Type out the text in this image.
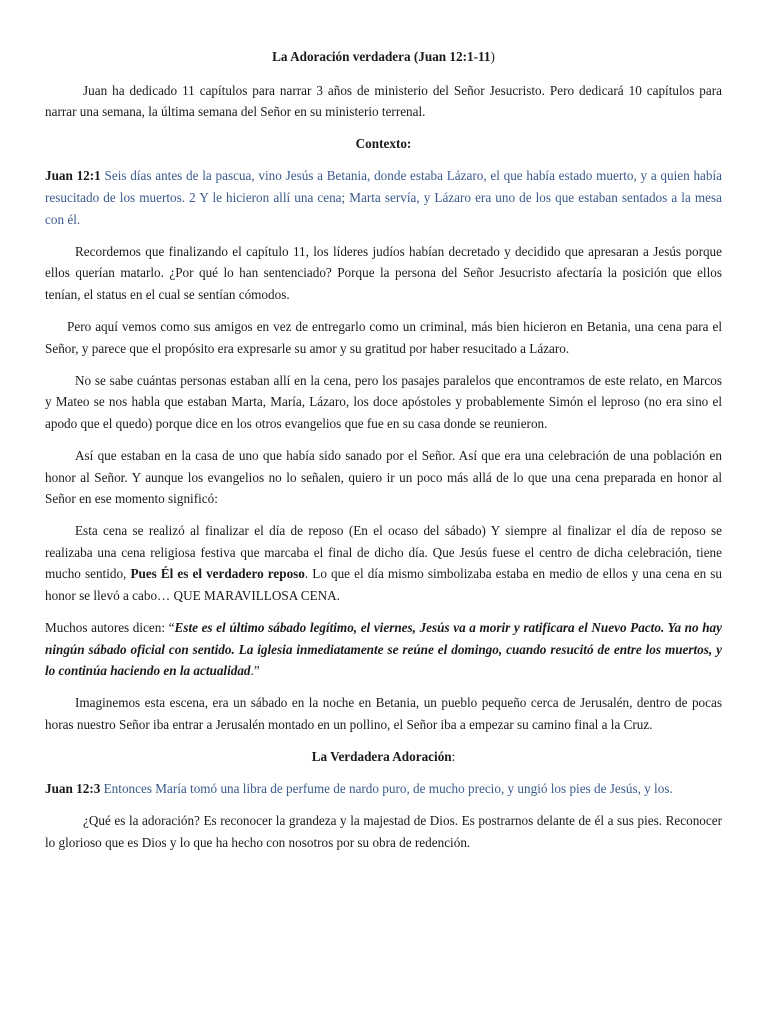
La Adoración verdadera (Juan 12:1-11)

Juan ha dedicado 11 capítulos para narrar 3 años de ministerio del Señor Jesucristo. Pero dedicará 10 capítulos para narrar una semana, la última semana del Señor en su ministerio terrenal.

Contexto:

Juan 12:1 Seis días antes de la pascua, vino Jesús a Betania, donde estaba Lázaro, el que había estado muerto, y a quien había resucitado de los muertos. 2 Y le hicieron allí una cena; Marta servía, y Lázaro era uno de los que estaban sentados a la mesa con él.

Recordemos que finalizando el capítulo 11, los líderes judíos habían decretado y decidido que apresaran a Jesús porque ellos querían matarlo. ¿Por qué lo han sentenciado? Porque la persona del Señor Jesucristo afectaría la posición que ellos tenían, el status en el cual se sentían cómodos.

Pero aquí vemos como sus amigos en vez de entregarlo como un criminal, más bien hicieron en Betania, una cena para el Señor, y parece que el propósito era expresarle su amor y su gratitud por haber resucitado a Lázaro.

No se sabe cuántas personas estaban allí en la cena, pero los pasajes paralelos que encontramos de este relato, en Marcos y Mateo se nos habla que estaban Marta, María, Lázaro, los doce apóstoles y probablemente Simón el leproso (no era sino el apodo que el quedo) porque dice en los otros evangelios que fue en su casa donde se reunieron.

Así que estaban en la casa de uno que había sido sanado por el Señor. Así que era una celebración de una población en honor al Señor. Y aunque los evangelios no lo señalen, quiero ir un poco más allá de lo que una cena preparada en honor al Señor en ese momento significó:

Esta cena se realizó al finalizar el día de reposo (En el ocaso del sábado) Y siempre al finalizar el día de reposo se realizaba una cena religiosa festiva que marcaba el final de dicho día. Que Jesús fuese el centro de dicha celebración, tiene mucho sentido, Pues Él es el verdadero reposo. Lo que el día mismo simbolizaba estaba en medio de ellos y una cena en su honor se llevó a cabo… QUE MARAVILLOSA CENA.

Muchos autores dicen: “Este es el último sábado legítimo, el viernes, Jesús va a morir y ratificara el Nuevo Pacto. Ya no hay ningún sábado oficial con sentido. La iglesia inmediatamente se reúne el domingo, cuando resucitó de entre los muertos, y lo continúa haciendo en la actualidad.”

Imaginemos esta escena, era un sábado en la noche en Betania, un pueblo pequeño cerca de Jerusalén, dentro de pocas horas nuestro Señor iba entrar a Jerusalén montado en un pollino, el Señor iba a empezar su camino final a la Cruz.

La Verdadera Adoración:

Juan 12:3 Entonces María tomó una libra de perfume de nardo puro, de mucho precio, y ungió los pies de Jesús, y los.

¿Qué es la adoración? Es reconocer la grandeza y la majestad de Dios. Es postrarnos delante de él a sus pies. Reconocer lo glorioso que es Dios y lo que ha hecho con nosotros por su obra de redención.
